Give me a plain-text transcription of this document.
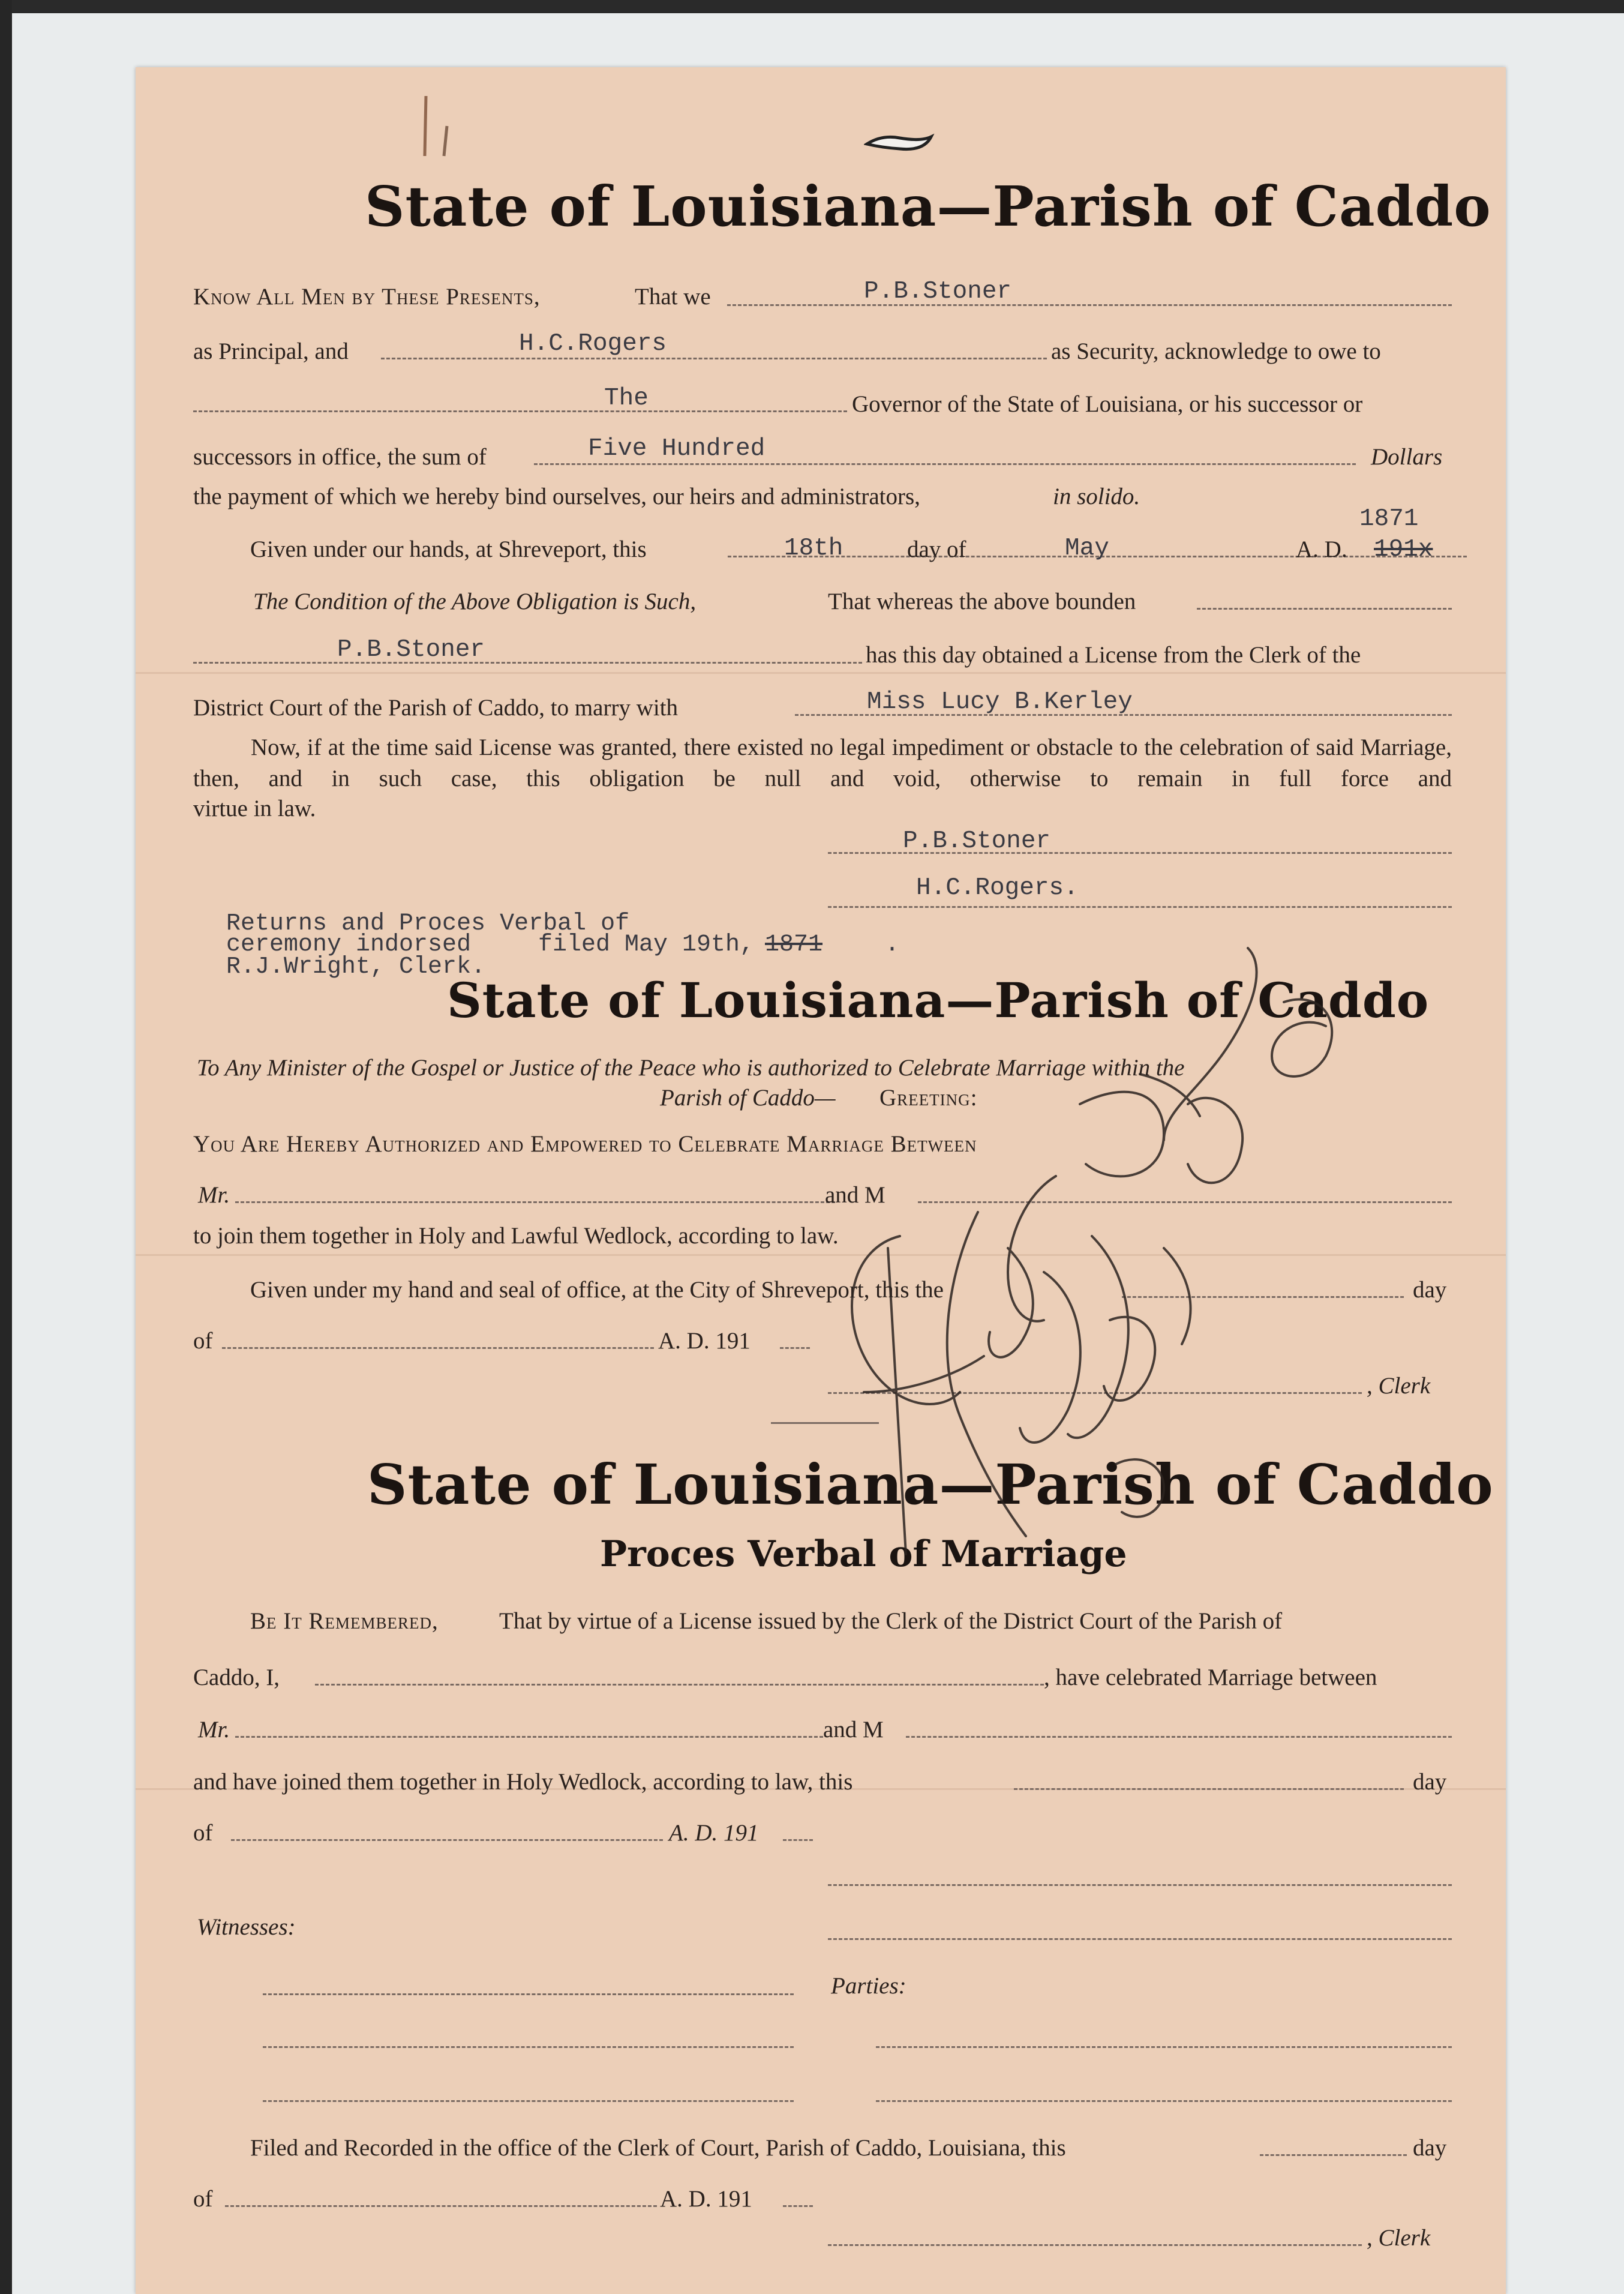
State of Louisiana—Parish of Caddo
Know All Men by These Presents,	That we	P.B.Stoner
as Principal, and	H.C.Rogers	as Security, acknowledge to owe to
The	Governor of the State of Louisiana, or his successor or
successors in office, the sum of	Five Hundred	Dollars
the payment of which we hereby bind ourselves, our heirs and administrators,	in solido.
1871
Given under our hands, at Shreveport, this	18th	day of	May	A. D. 191x
The Condition of the Above Obligation is Such,	That whereas the above bounden
P.B.Stoner	has this day obtained a License from the Clerk of the
District Court of the Parish of Caddo, to marry with	Miss Lucy B.Kerley
Now, if at the time said License was granted, there existed no legal impediment or obstacle to the celebration of said Marriage, then, and in such case, this obligation be null and void, otherwise to remain in full force and
virtue in law.
P.B.Stoner
H.C.Rogers.
Returns and Proces Verbal of
ceremony indorsed	filed May 19th, 1871	.
R.J.Wright, Clerk.
State of Louisiana—Parish of Caddo
To Any Minister of the Gospel or Justice of the Peace who is authorized to Celebrate Marriage within the
Parish of Caddo— Greeting:
You Are Hereby Authorized and Empowered to Celebrate Marriage Between
Mr.	and M
to join them together in Holy and Lawful Wedlock, according to law.
Given under my hand and seal of office, at the City of Shreveport, this the	day
of	A. D. 191
, Clerk
State of Louisiana—Parish of Caddo
Proces Verbal of Marriage
Be It Remembered,	That by virtue of a License issued by the Clerk of the District Court of the Parish of
Caddo, I,	, have celebrated Marriage between
Mr.	and M
and have joined them together in Holy Wedlock, according to law, this	day
of	A. D. 191
Witnesses:
Parties:
Filed and Recorded in the office of the Clerk of Court, Parish of Caddo, Louisiana, this	day
of	A. D. 191
, Clerk
